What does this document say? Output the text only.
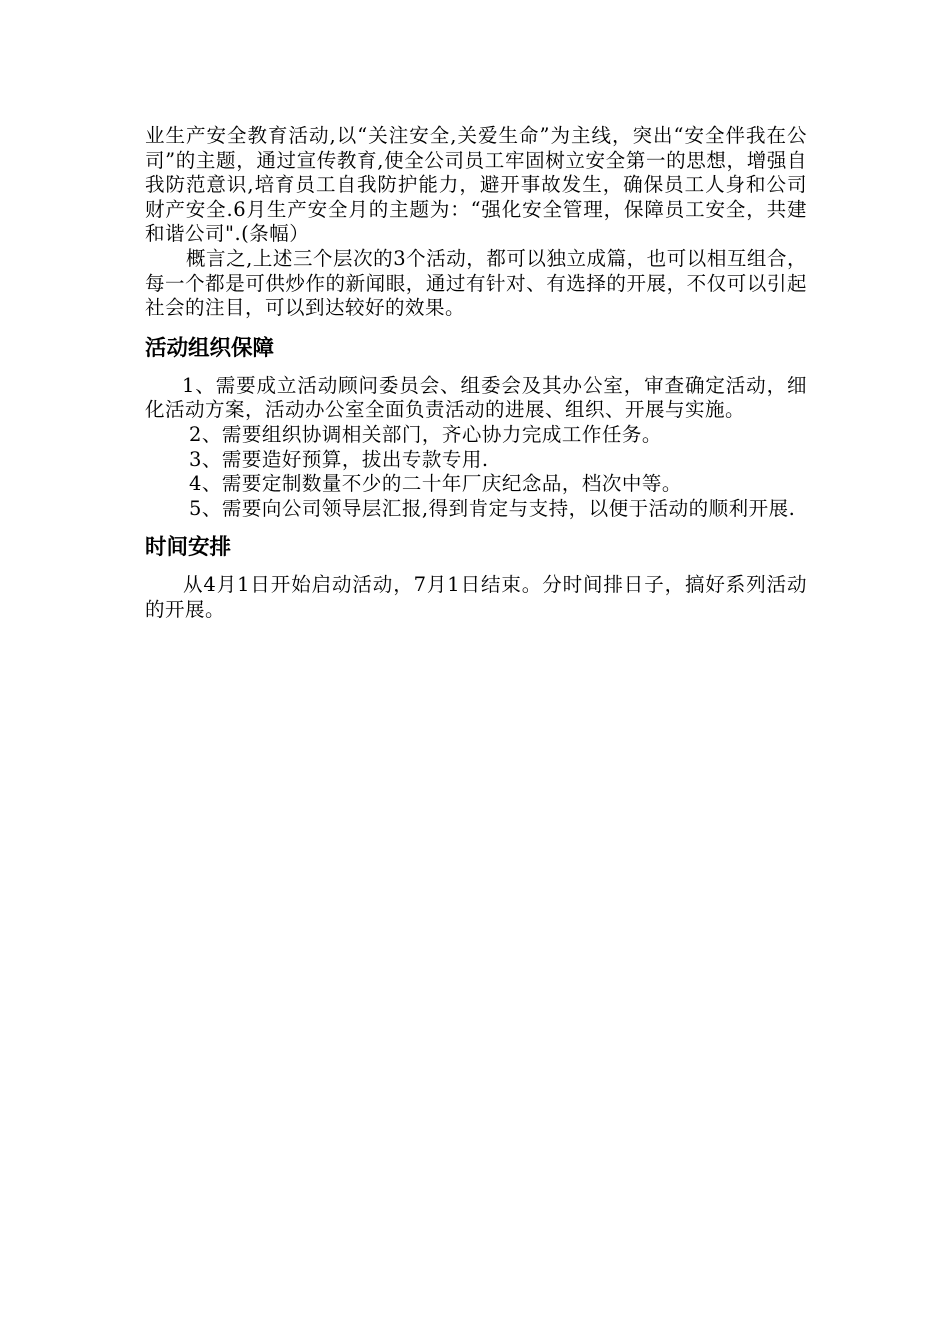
业生产安全教育活动,以“关注安全,关爱生命”为主线，突出“安全伴我在公司”的主题，通过宣传教育,使全公司员工牢固树立安全第一的思想，增强自我防范意识,培育员工自我防护能力，避开事故发生，确保员工人身和公司财产安全.6月生产安全月的主题为：“强化安全管理，保障员工安全，共建和谐公司".(条幅）

概言之,上述三个层次的3个活动，都可以独立成篇，也可以相互组合，每一个都是可供炒作的新闻眼，通过有针对、有选择的开展，不仅可以引起社会的注目，可以到达较好的效果。

活动组织保障

1、需要成立活动顾问委员会、组委会及其办公室，审查确定活动，细化活动方案，活动办公室全面负责活动的进展、组织、开展与实施。

2、需要组织协调相关部门，齐心协力完成工作任务。

3、需要造好预算，拔出专款专用.

4、需要定制数量不少的二十年厂庆纪念品，档次中等。

5、需要向公司领导层汇报,得到肯定与支持，以便于活动的顺利开展.

时间安排

从4月1日开始启动活动，7月1日结束。分时间排日子，搞好系列活动的开展。
